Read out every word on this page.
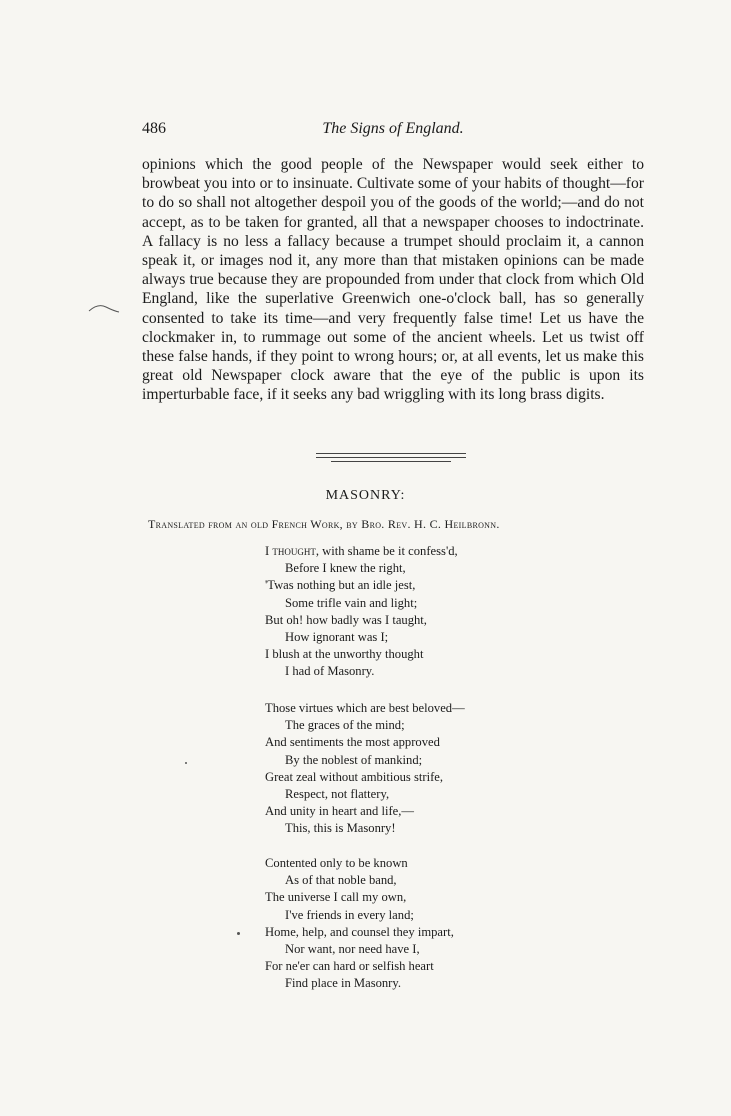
486	The Signs of England.

opinions which the good people of the Newspaper would seek either to browbeat you into or to insinuate. Cultivate some of your habits of thought—for to do so shall not altogether despoil you of the goods of the world;—and do not accept, as to be taken for granted, all that a newspaper chooses to indoctrinate. A fallacy is no less a fallacy because a trumpet should proclaim it, a cannon speak it, or images nod it, any more than that mistaken opinions can be made always true because they are propounded from under that clock from which Old England, like the superlative Greenwich one-o'clock ball, has so generally consented to take its time—and very frequently false time! Let us have the clockmaker in, to rummage out some of the ancient wheels. Let us twist off these false hands, if they point to wrong hours; or, at all events, let us make this great old Newspaper clock aware that the eye of the public is upon its imperturbable face, if it seeks any bad wriggling with its long brass digits.

MASONRY:

Translated from an old French Work, by Bro. Rev. H. C. Heilbronn.

I thought, with shame be it confess'd,
Before I knew the right,
'Twas nothing but an idle jest,
Some trifle vain and light;
But oh! how badly was I taught,
How ignorant was I;
I blush at the unworthy thought
I had of Masonry.
Those virtues which are best beloved—
The graces of the mind;
And sentiments the most approved
By the noblest of mankind;
Great zeal without ambitious strife,
Respect, not flattery,
And unity in heart and life,—
This, this is Masonry!
Contented only to be known
As of that noble band,
The universe I call my own,
I've friends in every land;
Home, help, and counsel they impart,
Nor want, nor need have I,
For ne'er can hard or selfish heart
Find place in Masonry.
